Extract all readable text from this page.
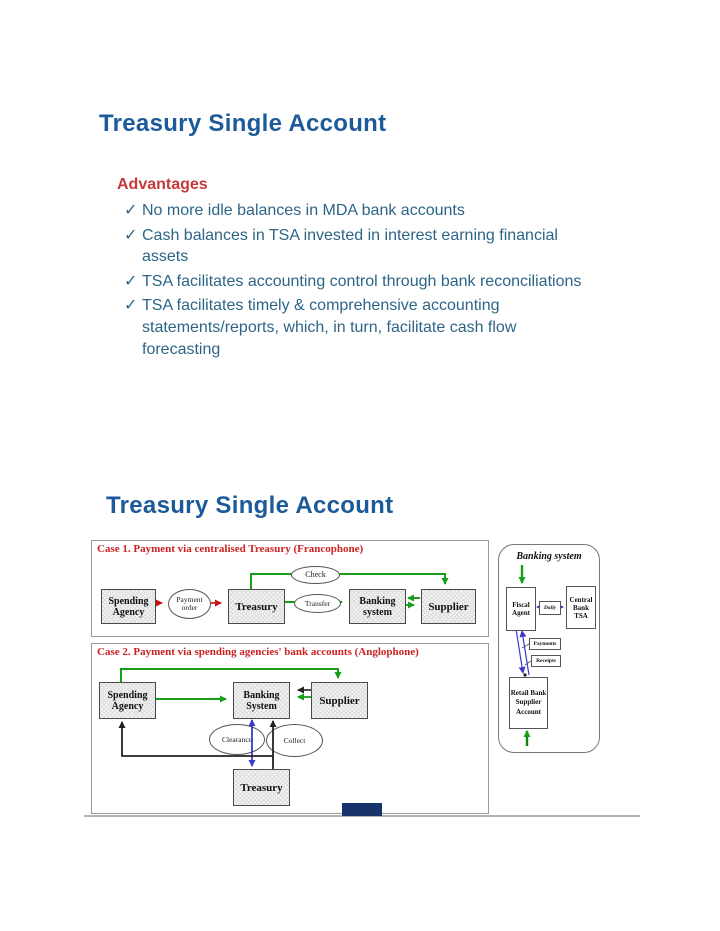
Treasury Single Account
Advantages
✓ No more idle balances in MDA bank accounts
✓ Cash balances in TSA invested in interest earning financial assets
✓ TSA facilitates accounting control through bank reconciliations
✓ TSA facilitates timely & comprehensive accounting statements/reports, which, in turn, facilitate cash flow forecasting
Treasury Single Account
Case 1. Payment via centralised Treasury (Francophone)
Spending Agency
Payment order	Treasury
Check
Transfer	Banking system	Supplier
Case 2. Payment via spending agencies' bank accounts (Anglophone)
Clearance	Collect
Spending Agency
Banking System	Supplier
Treasury
Banking system
Fiscal Agent
Central Bank TSA
Daily
Payments
Receipts
Retail Bank Supplier Account
